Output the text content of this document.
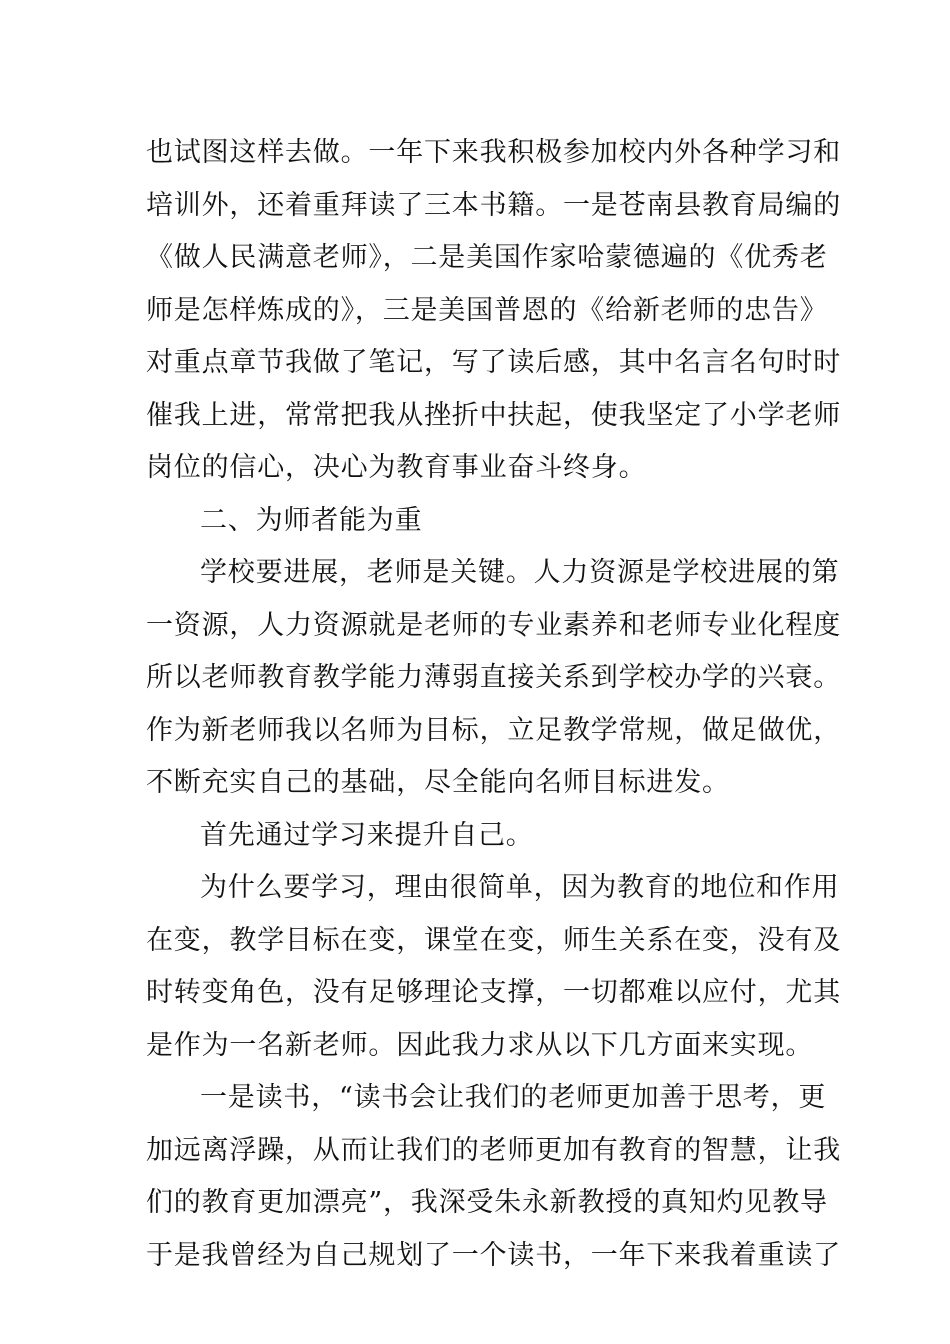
也试图这样去做。一年下来我积极参加校内外各种学习和
培训外，还着重拜读了三本书籍。一是苍南县教育局编的
《做人民满意老师》，二是美国作家哈蒙德遍的《优秀老
师是怎样炼成的》，三是美国普恩的《给新老师的忠告》
对重点章节我做了笔记，写了读后感，其中名言名句时时
催我上进，常常把我从挫折中扶起，使我坚定了小学老师
岗位的信心，决心为教育事业奋斗终身。
二、为师者能为重
学校要进展，老师是关键。人力资源是学校进展的第
一资源，人力资源就是老师的专业素养和老师专业化程度
所以老师教育教学能力薄弱直接关系到学校办学的兴衰。
作为新老师我以名师为目标，立足教学常规，做足做优，
不断充实自己的基础，尽全能向名师目标进发。
首先通过学习来提升自己。
为什么要学习，理由很简单，因为教育的地位和作用
在变，教学目标在变，课堂在变，师生关系在变，没有及
时转变角色，没有足够理论支撑，一切都难以应付，尤其
是作为一名新老师。因此我力求从以下几方面来实现。
一是读书，“读书会让我们的老师更加善于思考，更
加远离浮躁，从而让我们的老师更加有教育的智慧，让我
们的教育更加漂亮”，我深受朱永新教授的真知灼见教导
于是我曾经为自己规划了一个读书，一年下来我着重读了
